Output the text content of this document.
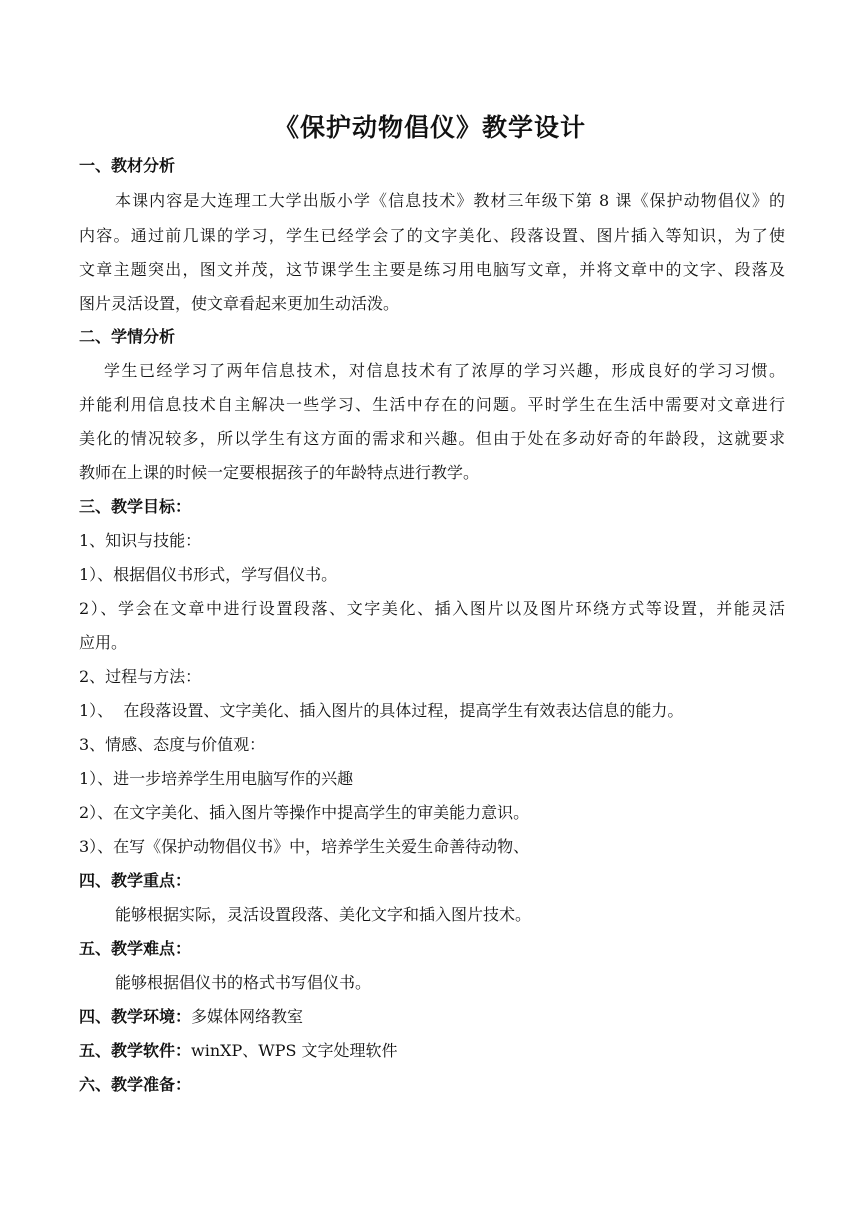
《保护动物倡仪》教学设计
一、教材分析
本课内容是大连理工大学出版小学《信息技术》教材三年级下第 8 课《保护动物倡仪》的
内容。通过前几课的学习，学生已经学会了的文字美化、段落设置、图片插入等知识，为了使
文章主题突出，图文并茂，这节课学生主要是练习用电脑写文章，并将文章中的文字、段落及
图片灵活设置，使文章看起来更加生动活泼。
二、学情分析
学生已经学习了两年信息技术，对信息技术有了浓厚的学习兴趣，形成良好的学习习惯。
并能利用信息技术自主解决一些学习、生活中存在的问题。平时学生在生活中需要对文章进行
美化的情况较多，所以学生有这方面的需求和兴趣。但由于处在多动好奇的年龄段，这就要求
教师在上课的时候一定要根据孩子的年龄特点进行教学。
三、教学目标：
1、知识与技能：
1）、根据倡仪书形式，学写倡仪书。
2）、学会在文章中进行设置段落、文字美化、插入图片以及图片环绕方式等设置，并能灵活
应用。
2、过程与方法：
1）、  在段落设置、文字美化、插入图片的具体过程，提高学生有效表达信息的能力。
3、情感、态度与价值观：
1）、进一步培养学生用电脑写作的兴趣
2）、在文字美化、插入图片等操作中提高学生的审美能力意识。
3）、在写《保护动物倡仪书》中，培养学生关爱生命善待动物、
四、教学重点：
能够根据实际，灵活设置段落、美化文字和插入图片技术。
五、教学难点：
能够根据倡仪书的格式书写倡仪书。
四、教学环境：多媒体网络教室
五、教学软件：winXP、WPS 文字处理软件
六、教学准备：
